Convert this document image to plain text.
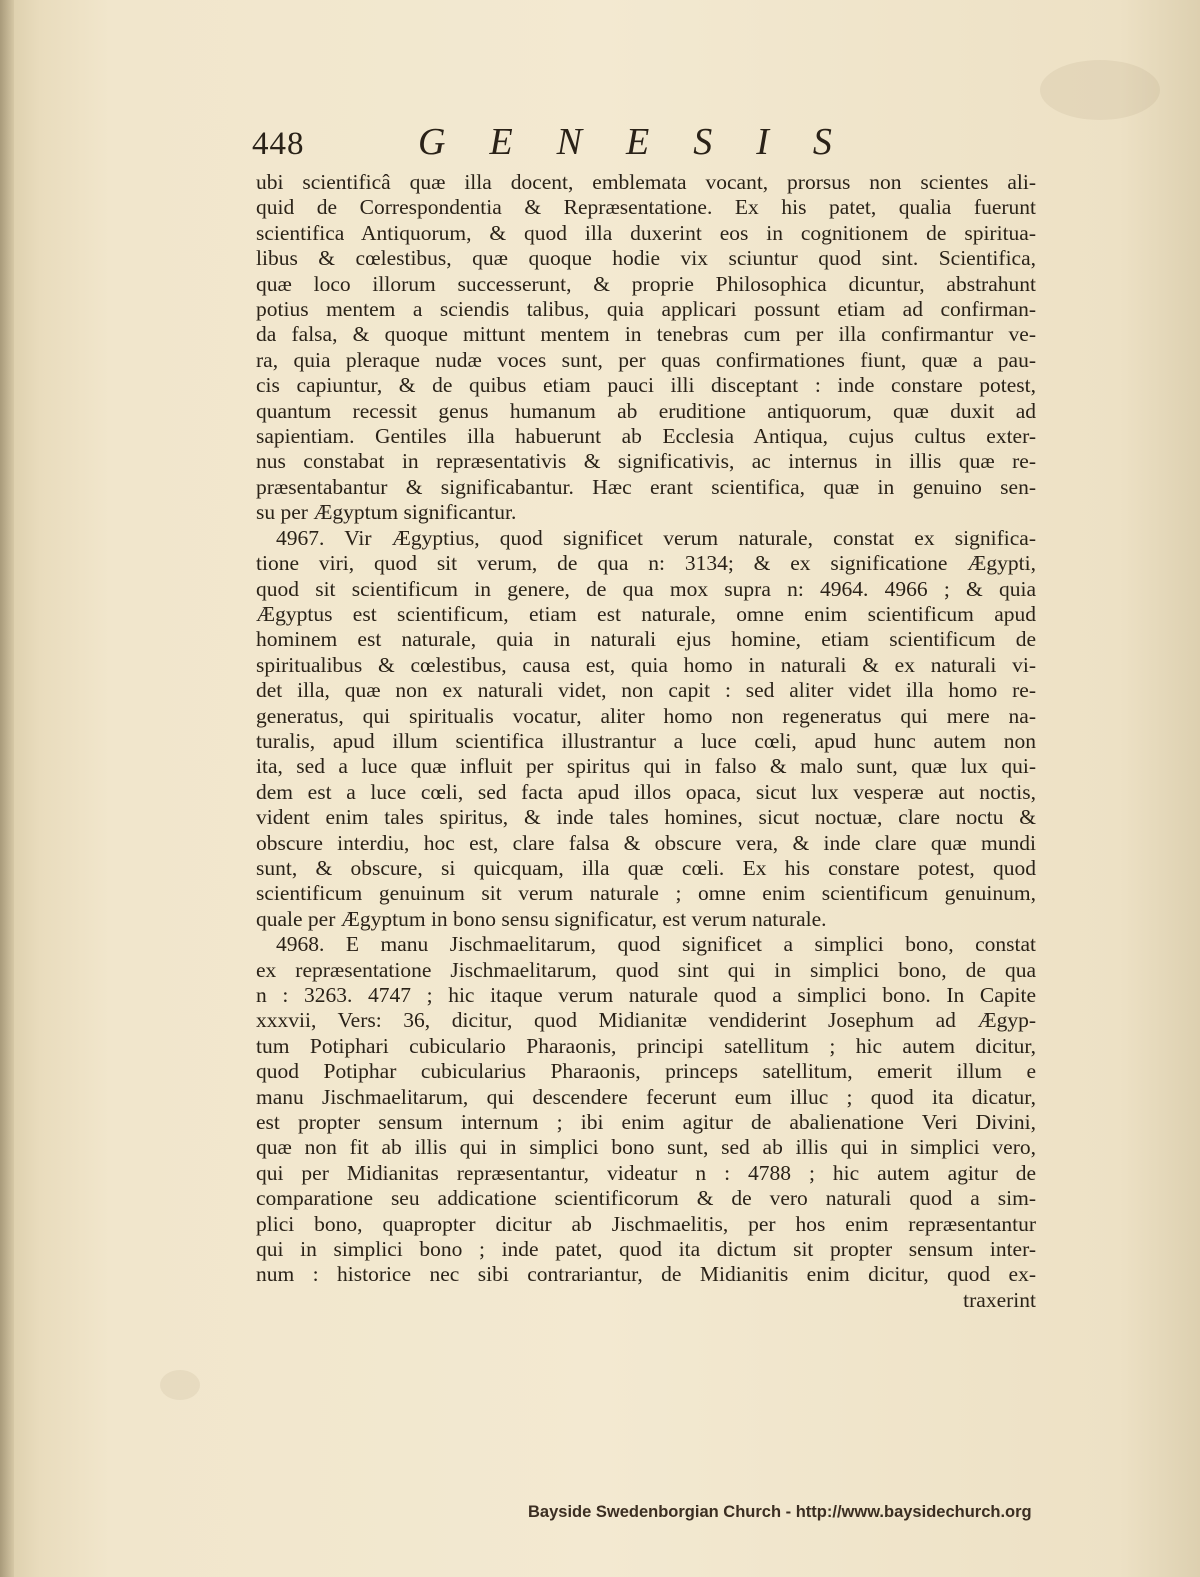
448	GENESIS
ubi scientificâ quæ illa docent, emblemata vocant, prorsus non scientes ali-
quid de Correspondentia & Repræsentatione. Ex his patet, qualia fuerunt
scientifica Antiquorum, & quod illa duxerint eos in cognitionem de spiritua-
libus & cœlestibus, quæ quoque hodie vix sciuntur quod sint. Scientifica,
quæ loco illorum successerunt, & proprie Philosophica dicuntur, abstrahunt
potius mentem a sciendis talibus, quia applicari possunt etiam ad confirman-
da falsa, & quoque mittunt mentem in tenebras cum per illa confirmantur ve-
ra, quia pleraque nudæ voces sunt, per quas confirmationes fiunt, quæ a pau-
cis capiuntur, & de quibus etiam pauci illi disceptant : inde constare potest,
quantum recessit genus humanum ab eruditione antiquorum, quæ duxit ad
sapientiam. Gentiles illa habuerunt ab Ecclesia Antiqua, cujus cultus exter-
nus constabat in repræsentativis & significativis, ac internus in illis quæ re-
præsentabantur & significabantur. Hæc erant scientifica, quæ in genuino sen-
su per Ægyptum significantur.
4967. Vir Ægyptius, quod significet verum naturale, constat ex significa-
tione viri, quod sit verum, de qua n: 3134; & ex significatione Ægypti,
quod sit scientificum in genere, de qua mox supra n: 4964. 4966 ; & quia
Ægyptus est scientificum, etiam est naturale, omne enim scientificum apud
hominem est naturale, quia in naturali ejus homine, etiam scientificum de
spiritualibus & cœlestibus, causa est, quia homo in naturali & ex naturali vi-
det illa, quæ non ex naturali videt, non capit : sed aliter videt illa homo re-
generatus, qui spiritualis vocatur, aliter homo non regeneratus qui mere na-
turalis, apud illum scientifica illustrantur a luce cœli, apud hunc autem non
ita, sed a luce quæ influit per spiritus qui in falso & malo sunt, quæ lux qui-
dem est a luce cœli, sed facta apud illos opaca, sicut lux vesperæ aut noctis,
vident enim tales spiritus, & inde tales homines, sicut noctuæ, clare noctu &
obscure interdiu, hoc est, clare falsa & obscure vera, & inde clare quæ mundi
sunt, & obscure, si quicquam, illa quæ cœli. Ex his constare potest, quod
scientificum genuinum sit verum naturale ; omne enim scientificum genuinum,
quale per Ægyptum in bono sensu significatur, est verum naturale.
4968. E manu Jischmaelitarum, quod significet a simplici bono, constat
ex repræsentatione Jischmaelitarum, quod sint qui in simplici bono, de qua
n : 3263. 4747 ; hic itaque verum naturale quod a simplici bono. In Capite
xxxvii, Vers: 36, dicitur, quod Midianitæ vendiderint Josephum ad Ægyp-
tum Potiphari cubiculario Pharaonis, principi satellitum ; hic autem dicitur,
quod Potiphar cubicularius Pharaonis, princeps satellitum, emerit illum e
manu Jischmaelitarum, qui descendere fecerunt eum illuc ; quod ita dicatur,
est propter sensum internum ; ibi enim agitur de abalienatione Veri Divini,
quæ non fit ab illis qui in simplici bono sunt, sed ab illis qui in simplici vero,
qui per Midianitas repræsentantur, videatur n : 4788 ; hic autem agitur de
comparatione seu addicatione scientificorum & de vero naturali quod a sim-
plici bono, quapropter dicitur ab Jischmaelitis, per hos enim repræsentantur
qui in simplici bono ; inde patet, quod ita dictum sit propter sensum inter-
num : historice nec sibi contrariantur, de Midianitis enim dicitur, quod ex-
traxerint
Bayside Swedenborgian Church - http://www.baysidechurch.org
